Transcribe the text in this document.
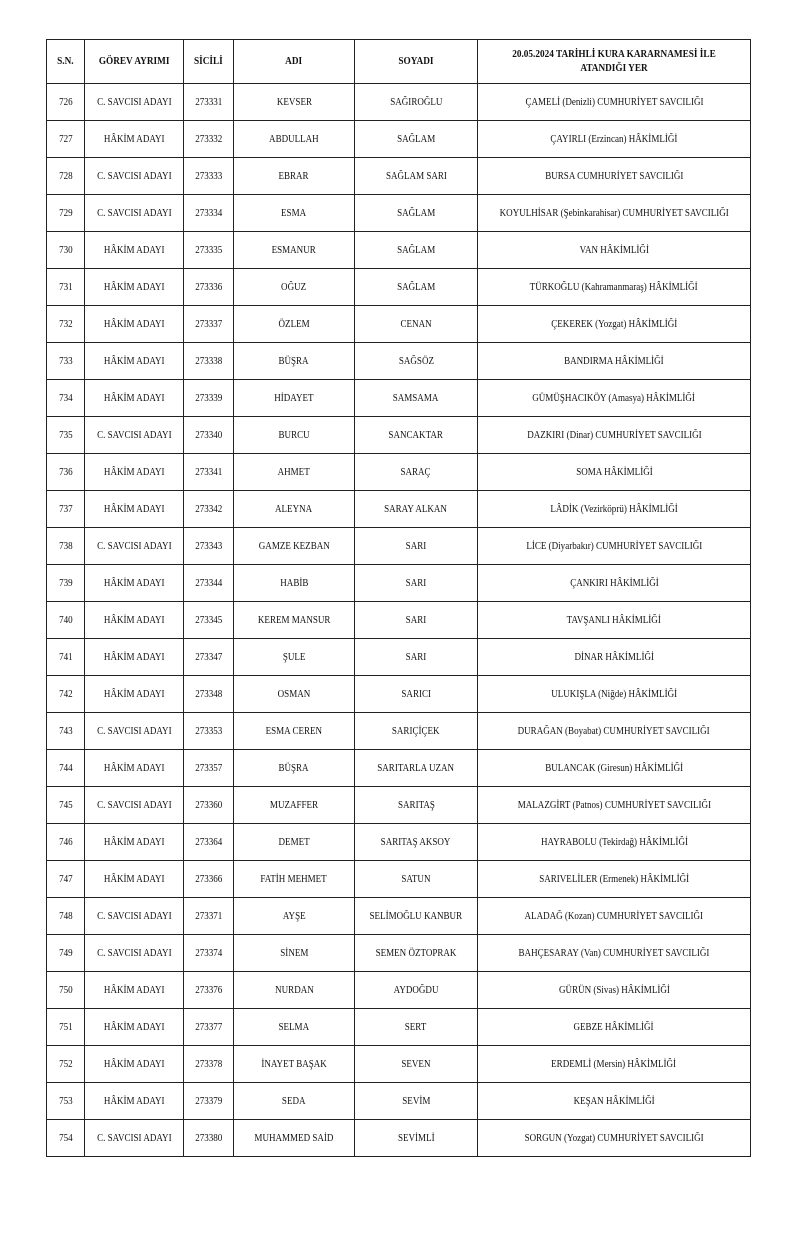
S.N.	GÖREV AYRIMI	SİCİLİ	ADI	SOYADI	20.05.2024 TARİHLİ KURA KARARNAMESİ İLE ATANDIĞI YER
726	C. SAVCISI ADAYI	273331	KEVSER	SAĞIROĞLU	ÇAMELİ (Denizli) CUMHURİYET SAVCILIĞI
727	HÂKİM ADAYI	273332	ABDULLAH	SAĞLAM	ÇAYIRLI (Erzincan) HÂKİMLİĞİ
728	C. SAVCISI ADAYI	273333	EBRAR	SAĞLAM SARI	BURSA CUMHURİYET SAVCILIĞI
729	C. SAVCISI ADAYI	273334	ESMA	SAĞLAM	KOYULHİSAR (Şebinkarahisar) CUMHURİYET SAVCILIĞI
730	HÂKİM ADAYI	273335	ESMANUR	SAĞLAM	VAN HÂKİMLİĞİ
731	HÂKİM ADAYI	273336	OĞUZ	SAĞLAM	TÜRKOĞLU (Kahramanmaraş) HÂKİMLİĞİ
732	HÂKİM ADAYI	273337	ÖZLEM	CENAN	ÇEKEREK (Yozgat) HÂKİMLİĞİ
733	HÂKİM ADAYI	273338	BÜŞRA	SAĞSÖZ	BANDIRMA HÂKİMLİĞİ
734	HÂKİM ADAYI	273339	HİDAYET	SAMSAMA	GÜMÜŞHACIKÖY (Amasya) HÂKİMLİĞİ
735	C. SAVCISI ADAYI	273340	BURCU	SANCAKTAR	DAZKIRI (Dinar) CUMHURİYET SAVCILIĞI
736	HÂKİM ADAYI	273341	AHMET	SARAÇ	SOMA HÂKİMLİĞİ
737	HÂKİM ADAYI	273342	ALEYNA	SARAY ALKAN	LÂDİK (Vezirköprü) HÂKİMLİĞİ
738	C. SAVCISI ADAYI	273343	GAMZE KEZBAN	SARI	LİCE (Diyarbakır) CUMHURİYET SAVCILIĞI
739	HÂKİM ADAYI	273344	HABİB	SARI	ÇANKIRI HÂKİMLİĞİ
740	HÂKİM ADAYI	273345	KEREM MANSUR	SARI	TAVŞANLI HÂKİMLİĞİ
741	HÂKİM ADAYI	273347	ŞULE	SARI	DİNAR HÂKİMLİĞİ
742	HÂKİM ADAYI	273348	OSMAN	SARICI	ULUKIŞLA (Niğde) HÂKİMLİĞİ
743	C. SAVCISI ADAYI	273353	ESMA CEREN	SARIÇİÇEK	DURAĞAN (Boyabat) CUMHURİYET SAVCILIĞI
744	HÂKİM ADAYI	273357	BÜŞRA	SARITARLA UZAN	BULANCAK (Giresun) HÂKİMLİĞİ
745	C. SAVCISI ADAYI	273360	MUZAFFER	SARITAŞ	MALAZGİRT (Patnos) CUMHURİYET SAVCILIĞI
746	HÂKİM ADAYI	273364	DEMET	SARITAŞ AKSOY	HAYRABOLU (Tekirdağ) HÂKİMLİĞİ
747	HÂKİM ADAYI	273366	FATİH MEHMET	SATUN	SARIVELİLER (Ermenek) HÂKİMLİĞİ
748	C. SAVCISI ADAYI	273371	AYŞE	SELİMOĞLU KANBUR	ALADAĞ (Kozan) CUMHURİYET SAVCILIĞI
749	C. SAVCISI ADAYI	273374	SİNEM	SEMEN ÖZTOPRAK	BAHÇESARAY (Van) CUMHURİYET SAVCILIĞI
750	HÂKİM ADAYI	273376	NURDAN	AYDOĞDU	GÜRÜN (Sivas) HÂKİMLİĞİ
751	HÂKİM ADAYI	273377	SELMA	SERT	GEBZE HÂKİMLİĞİ
752	HÂKİM ADAYI	273378	İNAYET BAŞAK	SEVEN	ERDEMLİ (Mersin) HÂKİMLİĞİ
753	HÂKİM ADAYI	273379	SEDA	SEVİM	KEŞAN HÂKİMLİĞİ
754	C. SAVCISI ADAYI	273380	MUHAMMED SAİD	SEVİMLİ	SORGUN (Yozgat) CUMHURİYET SAVCILIĞI
